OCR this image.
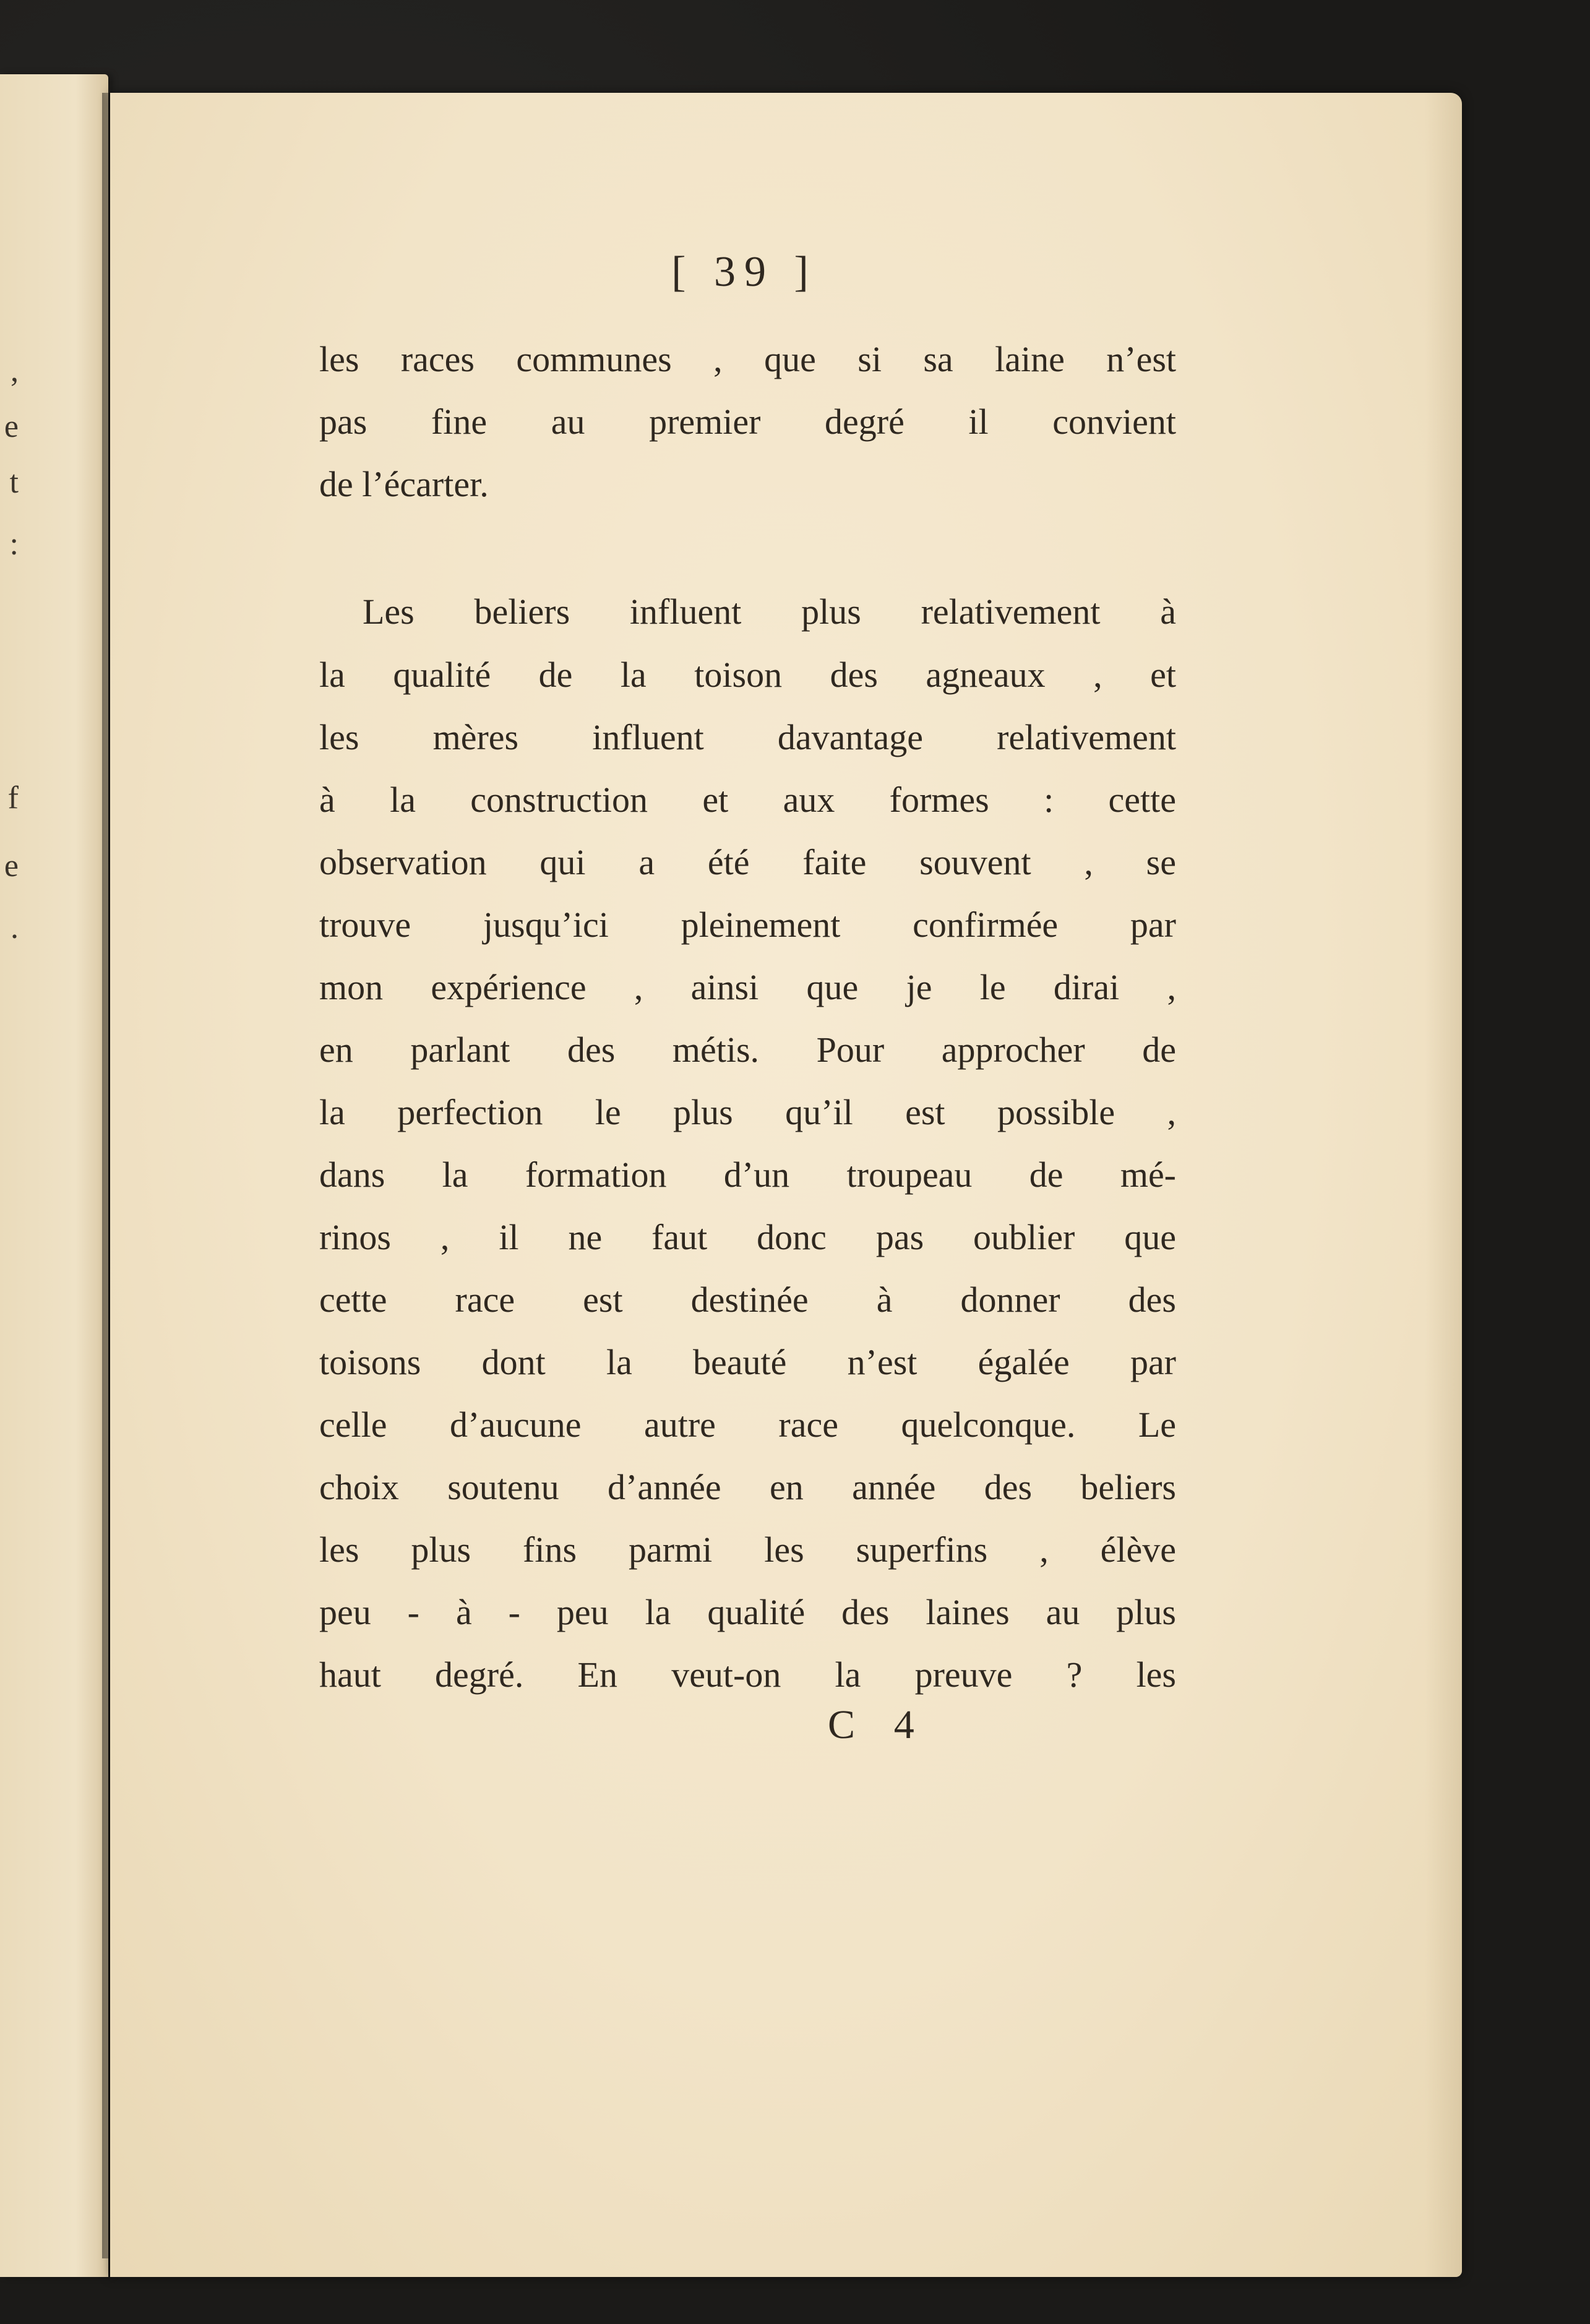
,
e
t
:
f
e
.
[ 39 ]
les races communes , que si sa laine n’est
pas fine au premier degré il convient
de l’écarter.
Les beliers influent plus relativement à
la qualité de la toison des agneaux , et
les mères influent davantage relativement
à la construction et aux formes : cette
observation qui a été faite souvent , se
trouve jusqu’ici pleinement confirmée par
mon expérience , ainsi que je le dirai ,
en parlant des métis. Pour approcher de
la perfection le plus qu’il est possible ,
dans la formation d’un troupeau de mé-
rinos , il ne faut donc pas oublier que
cette race est destinée à donner des
toisons dont la beauté n’est égalée par
celle d’aucune autre race quelconque. Le
choix soutenu d’année en année des beliers
les plus fins parmi les superfins , élève
peu - à - peu la qualité des laines au plus
haut degré. En veut-on la preuve ? les
C 4
